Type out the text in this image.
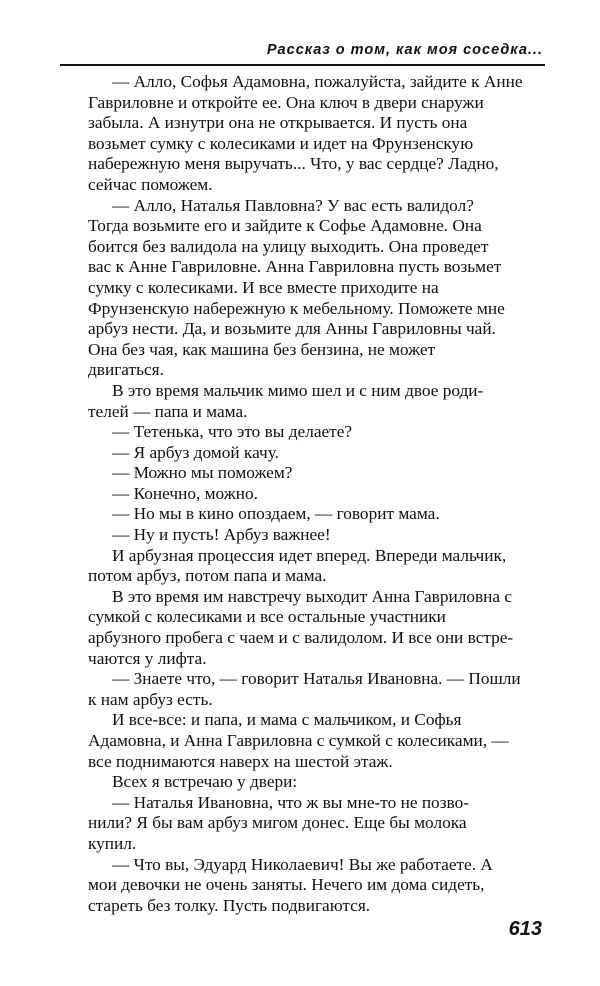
Рассказ о том, как моя соседка...

— Алло, Софья Адамовна, пожалуйста, зайдите к Анне
Гавриловне и откройте ее. Она ключ в двери снаружи
забыла. А изнутри она не открывается. И пусть она
возьмет сумку с колесиками и идет на Фрунзенскую
набережную меня выручать... Что, у вас сердце? Ладно,
сейчас поможем.

— Алло, Наталья Павловна? У вас есть валидол?
Тогда возьмите его и зайдите к Софье Адамовне. Она
боится без валидола на улицу выходить. Она проведет
вас к Анне Гавриловне. Анна Гавриловна пусть возьмет
сумку с колесиками. И все вместе приходите на
Фрунзенскую набережную к мебельному. Поможете мне
арбуз нести. Да, и возьмите для Анны Гавриловны чай.
Она без чая, как машина без бензина, не может
двигаться.

В это время мальчик мимо шел и с ним двое роди-
телей — папа и мама.

— Тетенька, что это вы делаете?

— Я арбуз домой качу.

— Можно мы поможем?

— Конечно, можно.

— Но мы в кино опоздаем, — говорит мама.

— Ну и пусть! Арбуз важнее!

И арбузная процессия идет вперед. Впереди мальчик,
потом арбуз, потом папа и мама.

В это время им навстречу выходит Анна Гавриловна с
сумкой с колесиками и все остальные участники
арбузного пробега с чаем и с валидолом. И все они встре-
чаются у лифта.

— Знаете что, — говорит Наталья Ивановна. — Пошли
к нам арбуз есть.

И все-все: и папа, и мама с мальчиком, и Софья
Адамовна, и Анна Гавриловна с сумкой с колесиками, —
все поднимаются наверх на шестой этаж.

Всех я встречаю у двери:

— Наталья Ивановна, что ж вы мне-то не позво-
нили? Я бы вам арбуз мигом донес. Еще бы молока
купил.

— Что вы, Эдуард Николаевич! Вы же работаете. А
мои девочки не очень заняты. Нечего им дома сидеть,
стареть без толку. Пусть подвигаются.

613
